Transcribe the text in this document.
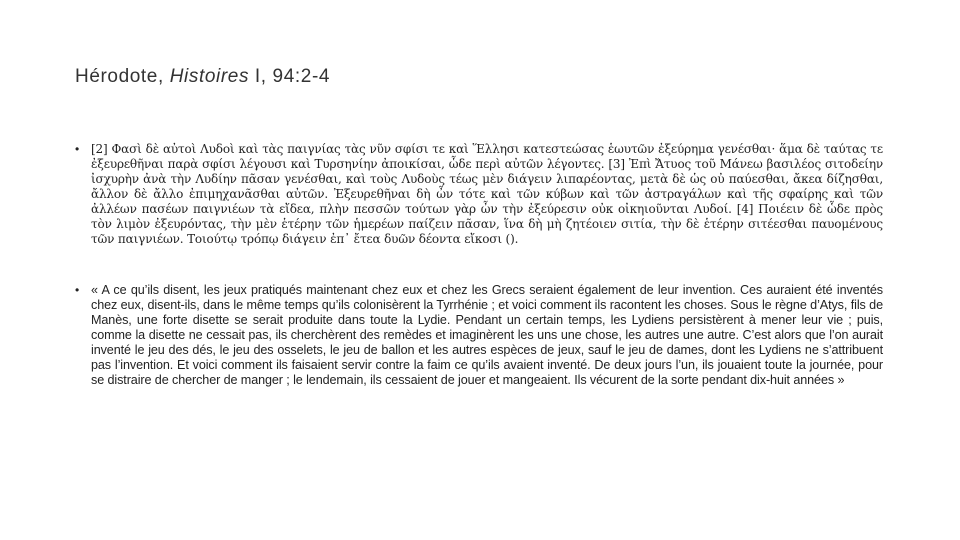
Hérodote, Histoires I, 94:2-4
• [2] Φασὶ δὲ αὐτοὶ Λυδοὶ καὶ τὰς παιγνίας τὰς νῦν σφίσι τε καὶ Ἕλλησι κατεστεώσας ἑωυτῶν ἐξεύρημα γενέσθαι· ἅμα δὲ ταύτας τε ἐξευρεθῆναι παρὰ σφίσι λέγουσι καὶ Τυρσηνίην ἀποικίσαι, ὧδε περὶ αὐτῶν λέγοντες. [3] Ἐπὶ Ἄτυος τοῦ Μάνεω βασιλέος σιτοδείην ἰσχυρὴν ἀνὰ τὴν Λυδίην πᾶσαν γενέσθαι, καὶ τοὺς Λυδοὺς τέως μὲν διάγειν λιπαρέοντας, μετὰ δὲ ὡς οὐ παύεσθαι, ἄκεα δίζησθαι, ἄλλον δὲ ἄλλο ἐπιμηχανᾶσθαι αὐτῶν. Ἐξευρεθῆναι δὴ ὦν τότε καὶ τῶν κύβων καὶ τῶν ἀστραγάλων καὶ τῆς σφαίρης καὶ τῶν ἀλλέων πασέων παιγνιέων τὰ εἴδεα, πλὴν πεσσῶν τούτων γὰρ ὦν τὴν ἐξεύρεσιν οὐκ οἰκηιοῦνται Λυδοί. [4] Ποιέειν δὲ ὧδε πρὸς τὸν λιμὸν ἐξευρόντας, τὴν μὲν ἑτέρην τῶν ἡμερέων παίζειν πᾶσαν, ἵνα δὴ μὴ ζητέοιεν σιτία, τὴν δὲ ἑτέρην σιτέεσθαι παυομένους τῶν παιγνιέων. Τοιούτῳ τρόπῳ διάγειν ἐπ᾽ ἔτεα δυῶν δέοντα εἴκοσι ().
• « A ce qu’ils disent, les jeux pratiqués maintenant chez eux et chez les Grecs seraient également de leur invention. Ces auraient été inventés chez eux, disent-ils, dans le même temps qu’ils colonisèrent la Tyrrhénie ; et voici comment ils racontent les choses. Sous le règne d’Atys, fils de Manès, une forte disette se serait produite dans toute la Lydie. Pendant un certain temps, les Lydiens persistèrent à mener leur vie ; puis, comme la disette ne cessait pas, ils cherchèrent des remèdes et imaginèrent les uns une chose, les autres une autre. C’est alors que l’on aurait inventé le jeu des dés, le jeu des osselets, le jeu de ballon et les autres espèces de jeux, sauf le jeu de dames, dont les Lydiens ne s’attribuent pas l’invention. Et voici comment ils faisaient servir contre la faim ce qu’ils avaient inventé. De deux jours l’un, ils jouaient toute la journée, pour se distraire de chercher de manger ; le lendemain, ils cessaient de jouer et mangeaient. Ils vécurent de la sorte pendant dix-huit années »
